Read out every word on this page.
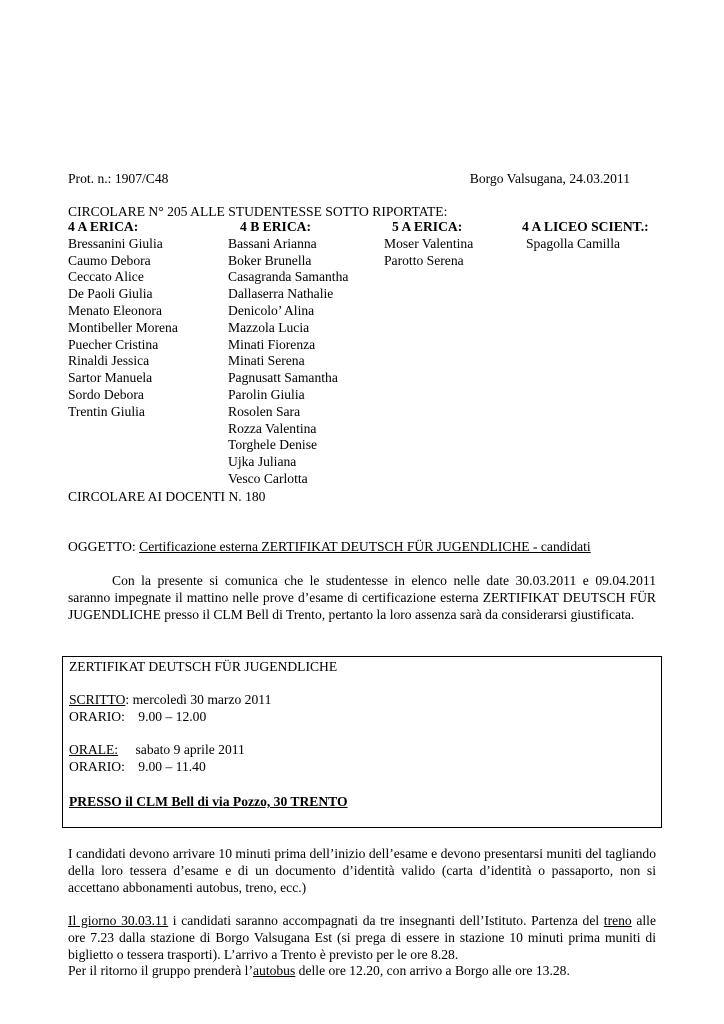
Prot. n.: 1907/C48	Borgo Valsugana, 24.03.2011
CIRCOLARE N° 205 ALLE STUDENTESSE SOTTO RIPORTATE:
4 A ERICA:
Bressanini Giulia
Caumo Debora
Ceccato Alice
De Paoli Giulia
Menato Eleonora
Montibeller Morena
Puecher Cristina
Rinaldi Jessica
Sartor Manuela
Sordo Debora
Trentin Giulia
4 B ERICA:
Bassani Arianna
Boker Brunella
Casagranda Samantha
Dallaserra Nathalie
Denicolo’ Alina
Mazzola Lucia
Minati Fiorenza
Minati Serena
Pagnusatt Samantha
Parolin Giulia
Rosolen Sara
Rozza Valentina
Torghele Denise
Ujka Juliana
Vesco Carlotta
5 A ERICA:
Moser Valentina
Parotto Serena
4 A LICEO SCIENT.:
Spagolla Camilla
CIRCOLARE AI DOCENTI N. 180
OGGETTO: Certificazione esterna ZERTIFIKAT DEUTSCH FÜR JUGENDLICHE - candidati
Con la presente si comunica che le studentesse in elenco nelle date 30.03.2011 e 09.04.2011 saranno impegnate il mattino nelle prove d’esame di certificazione esterna ZERTIFIKAT DEUTSCH FÜR JUGENDLICHE presso il CLM Bell di Trento, pertanto la loro assenza sarà da considerarsi giustificata.
ZERTIFIKAT DEUTSCH FÜR JUGENDLICHE
SCRITTO: mercoledì 30 marzo 2011
ORARIO: 9.00 – 12.00
ORALE: sabato 9 aprile 2011
ORARIO: 9.00 – 11.40
PRESSO il CLM Bell di via Pozzo, 30 TRENTO
I candidati devono arrivare 10 minuti prima dell’inizio dell’esame e devono presentarsi muniti del tagliando della loro tessera d’esame e di un documento d’identità valido (carta d’identità o passaporto, non si accettano abbonamenti autobus, treno, ecc.)
Il giorno 30.03.11 i candidati saranno accompagnati da tre insegnanti dell’Istituto. Partenza del treno alle ore 7.23 dalla stazione di Borgo Valsugana Est (si prega di essere in stazione 10 minuti prima muniti di biglietto o tessera trasporti). L’arrivo a Trento è previsto per le ore 8.28.
Per il ritorno il gruppo prenderà l’autobus delle ore 12.20, con arrivo a Borgo alle ore 13.28.
